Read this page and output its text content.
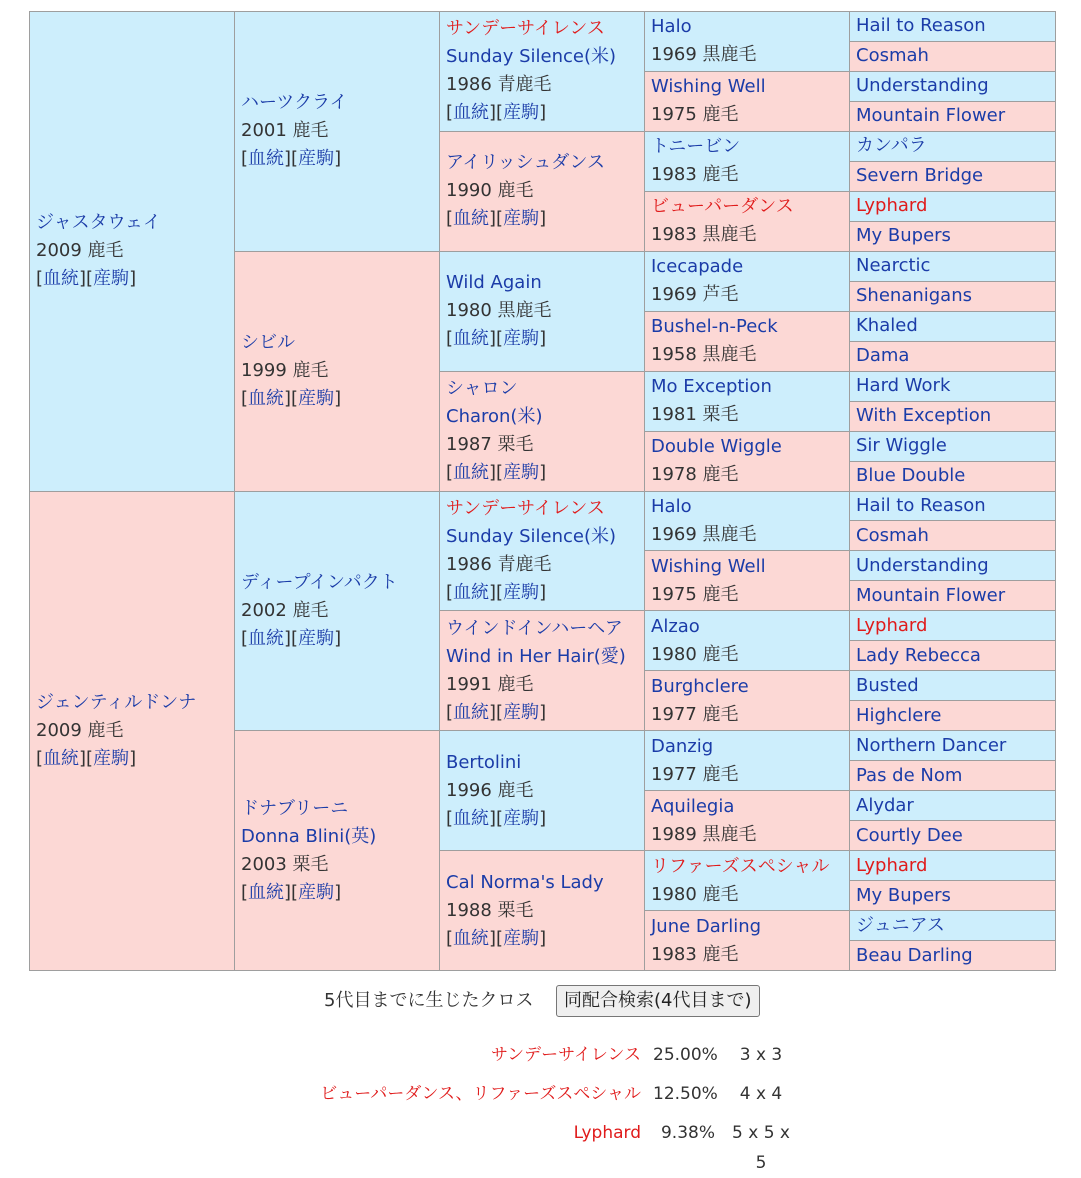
ジャスタウェイ
2009 鹿毛
[血統][産駒]	ハーツクライ
2001 鹿毛
[血統][産駒]	サンデーサイレンス
Sunday Silence(米)
1986 青鹿毛
[血統][産駒]	Halo
1969 黒鹿毛	Hail to Reason

				Cosmah

			Wishing Well
1975 鹿毛	Understanding

				Mountain Flower

		アイリッシュダンス
1990 鹿毛
[血統][産駒]	トニービン
1983 鹿毛	カンパラ

				Severn Bridge

			ビューパーダンス
1983 黒鹿毛	Lyphard

				My Bupers

	シビル
1999 鹿毛
[血統][産駒]	Wild Again
1980 黒鹿毛
[血統][産駒]	Icecapade
1969 芦毛	Nearctic

				Shenanigans

			Bushel-n-Peck
1958 黒鹿毛	Khaled

				Dama

		シャロン
Charon(米)
1987 栗毛
[血統][産駒]	Mo Exception
1981 栗毛	Hard Work

				With Exception

			Double Wiggle
1978 鹿毛	Sir Wiggle

				Blue Double

ジェンティルドンナ
2009 鹿毛
[血統][産駒]	ディープインパクト
2002 鹿毛
[血統][産駒]	サンデーサイレンス
Sunday Silence(米)
1986 青鹿毛
[血統][産駒]	Halo
1969 黒鹿毛	Hail to Reason

				Cosmah

			Wishing Well
1975 鹿毛	Understanding

				Mountain Flower

		ウインドインハーヘア
Wind in Her Hair(愛)
1991 鹿毛
[血統][産駒]	Alzao
1980 鹿毛	Lyphard

				Lady Rebecca

			Burghclere
1977 鹿毛	Busted

				Highclere

	ドナブリーニ
Donna Blini(英)
2003 栗毛
[血統][産駒]	Bertolini
1996 鹿毛
[血統][産駒]	Danzig
1977 鹿毛	Northern Dancer

				Pas de Nom

			Aquilegia
1989 黒鹿毛	Alydar

				Courtly Dee

		Cal Norma's Lady
1988 栗毛
[血統][産駒]	リファーズスペシャル
1980 鹿毛	Lyphard

				My Bupers

			June Darling
1983 鹿毛	ジュニアス

				Beau Darling
5代目までに生じたクロス	同配合検索(4代目まで)
サンデーサイレンス 25.00%	3 x 3
ビューパーダンス、リファーズスペシャル 12.50%	4 x 4
Lyphard	9.38%	5 x 5 x 5
